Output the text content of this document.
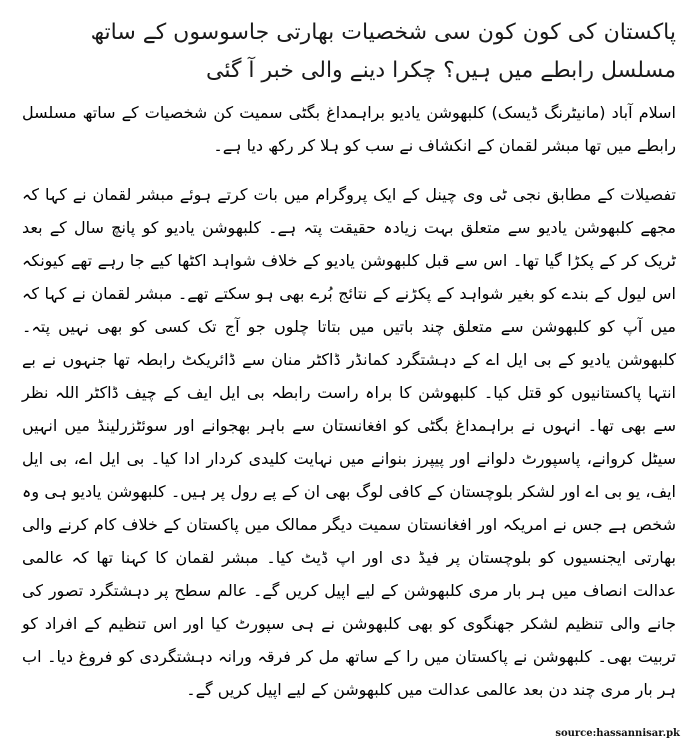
پاکستان کی کون کون سی شخصیات بھارتی جاسوسوں کے ساتھ مسلسل رابطے میں ہیں؟ چکرا دینے والی خبر آ گئی

اسلام آباد (مانیٹرنگ ڈیسک) کلبھوشن یادیو براہمداغ بگٹی سمیت کن شخصیات کے ساتھ مسلسل رابطے میں تھا مبشر لقمان کے انکشاف نے سب کو ہلا کر رکھ دیا ہے۔

تفصیلات کے مطابق نجی ٹی وی چینل کے ایک پروگرام میں بات کرتے ہوئے مبشر لقمان نے کہا کہ مجھے کلبھوشن یادیو سے متعلق بہت زیادہ حقیقت پتہ ہے۔ کلبھوشن یادیو کو پانچ سال کے بعد ٹریک کر کے پکڑا گیا تھا۔ اس سے قبل کلبھوشن یادیو کے خلاف شواہد اکٹھا کیے جا رہے تھے کیونکہ اس لیول کے بندے کو بغیر شواہد کے پکڑنے کے نتائج بُرے بھی ہو سکتے تھے۔ مبشر لقمان نے کہا کہ میں آپ کو کلبھوشن سے متعلق چند باتیں میں بتاتا چلوں جو آج تک کسی کو بھی نہیں پتہ۔ کلبھوشن یادیو کے بی ایل اے کے دہشتگرد کمانڈر ڈاکٹر منان سے ڈائریکٹ رابطہ تھا جنہوں نے بے انتہا پاکستانیوں کو قتل کیا۔ کلبھوشن کا براہ راست رابطہ بی ایل ایف کے چیف ڈاکٹر اللہ نظر سے بھی تھا۔ انہوں نے براہمداغ بگٹی کو افغانستان سے باہر بھجوانے اور سوئٹزرلینڈ میں انہیں سیٹل کروانے، پاسپورٹ دلوانے اور پیپرز بنوانے میں نہایت کلیدی کردار ادا کیا۔ بی ایل اے، بی ایل ایف، یو بی اے اور لشکر بلوچستان کے کافی لوگ بھی ان کے پے رول پر ہیں۔ کلبھوشن یادیو ہی وہ شخص ہے جس نے امریکہ اور افغانستان سمیت دیگر ممالک میں پاکستان کے خلاف کام کرنے والی بھارتی ایجنسیوں کو بلوچستان پر فیڈ دی اور اپ ڈیٹ کیا۔ مبشر لقمان کا کہنا تھا کہ عالمی عدالت انصاف میں ہر بار مری کلبھوشن کے لیے اپیل کریں گے۔ عالم سطح پر دہشتگرد تصور کی جانے والی تنظیم لشکر جھنگوی کو بھی کلبھوشن نے ہی سپورٹ کیا اور اس تنظیم کے افراد کو تربیت بھی۔ کلبھوشن نے پاکستان میں را کے ساتھ مل کر فرقہ ورانہ دہشتگردی کو فروغ دیا۔ اب ہر بار مری چند دن بعد عالمی عدالت میں کلبھوشن کے لیے اپیل کریں گے۔

source:hassannisar.pk
